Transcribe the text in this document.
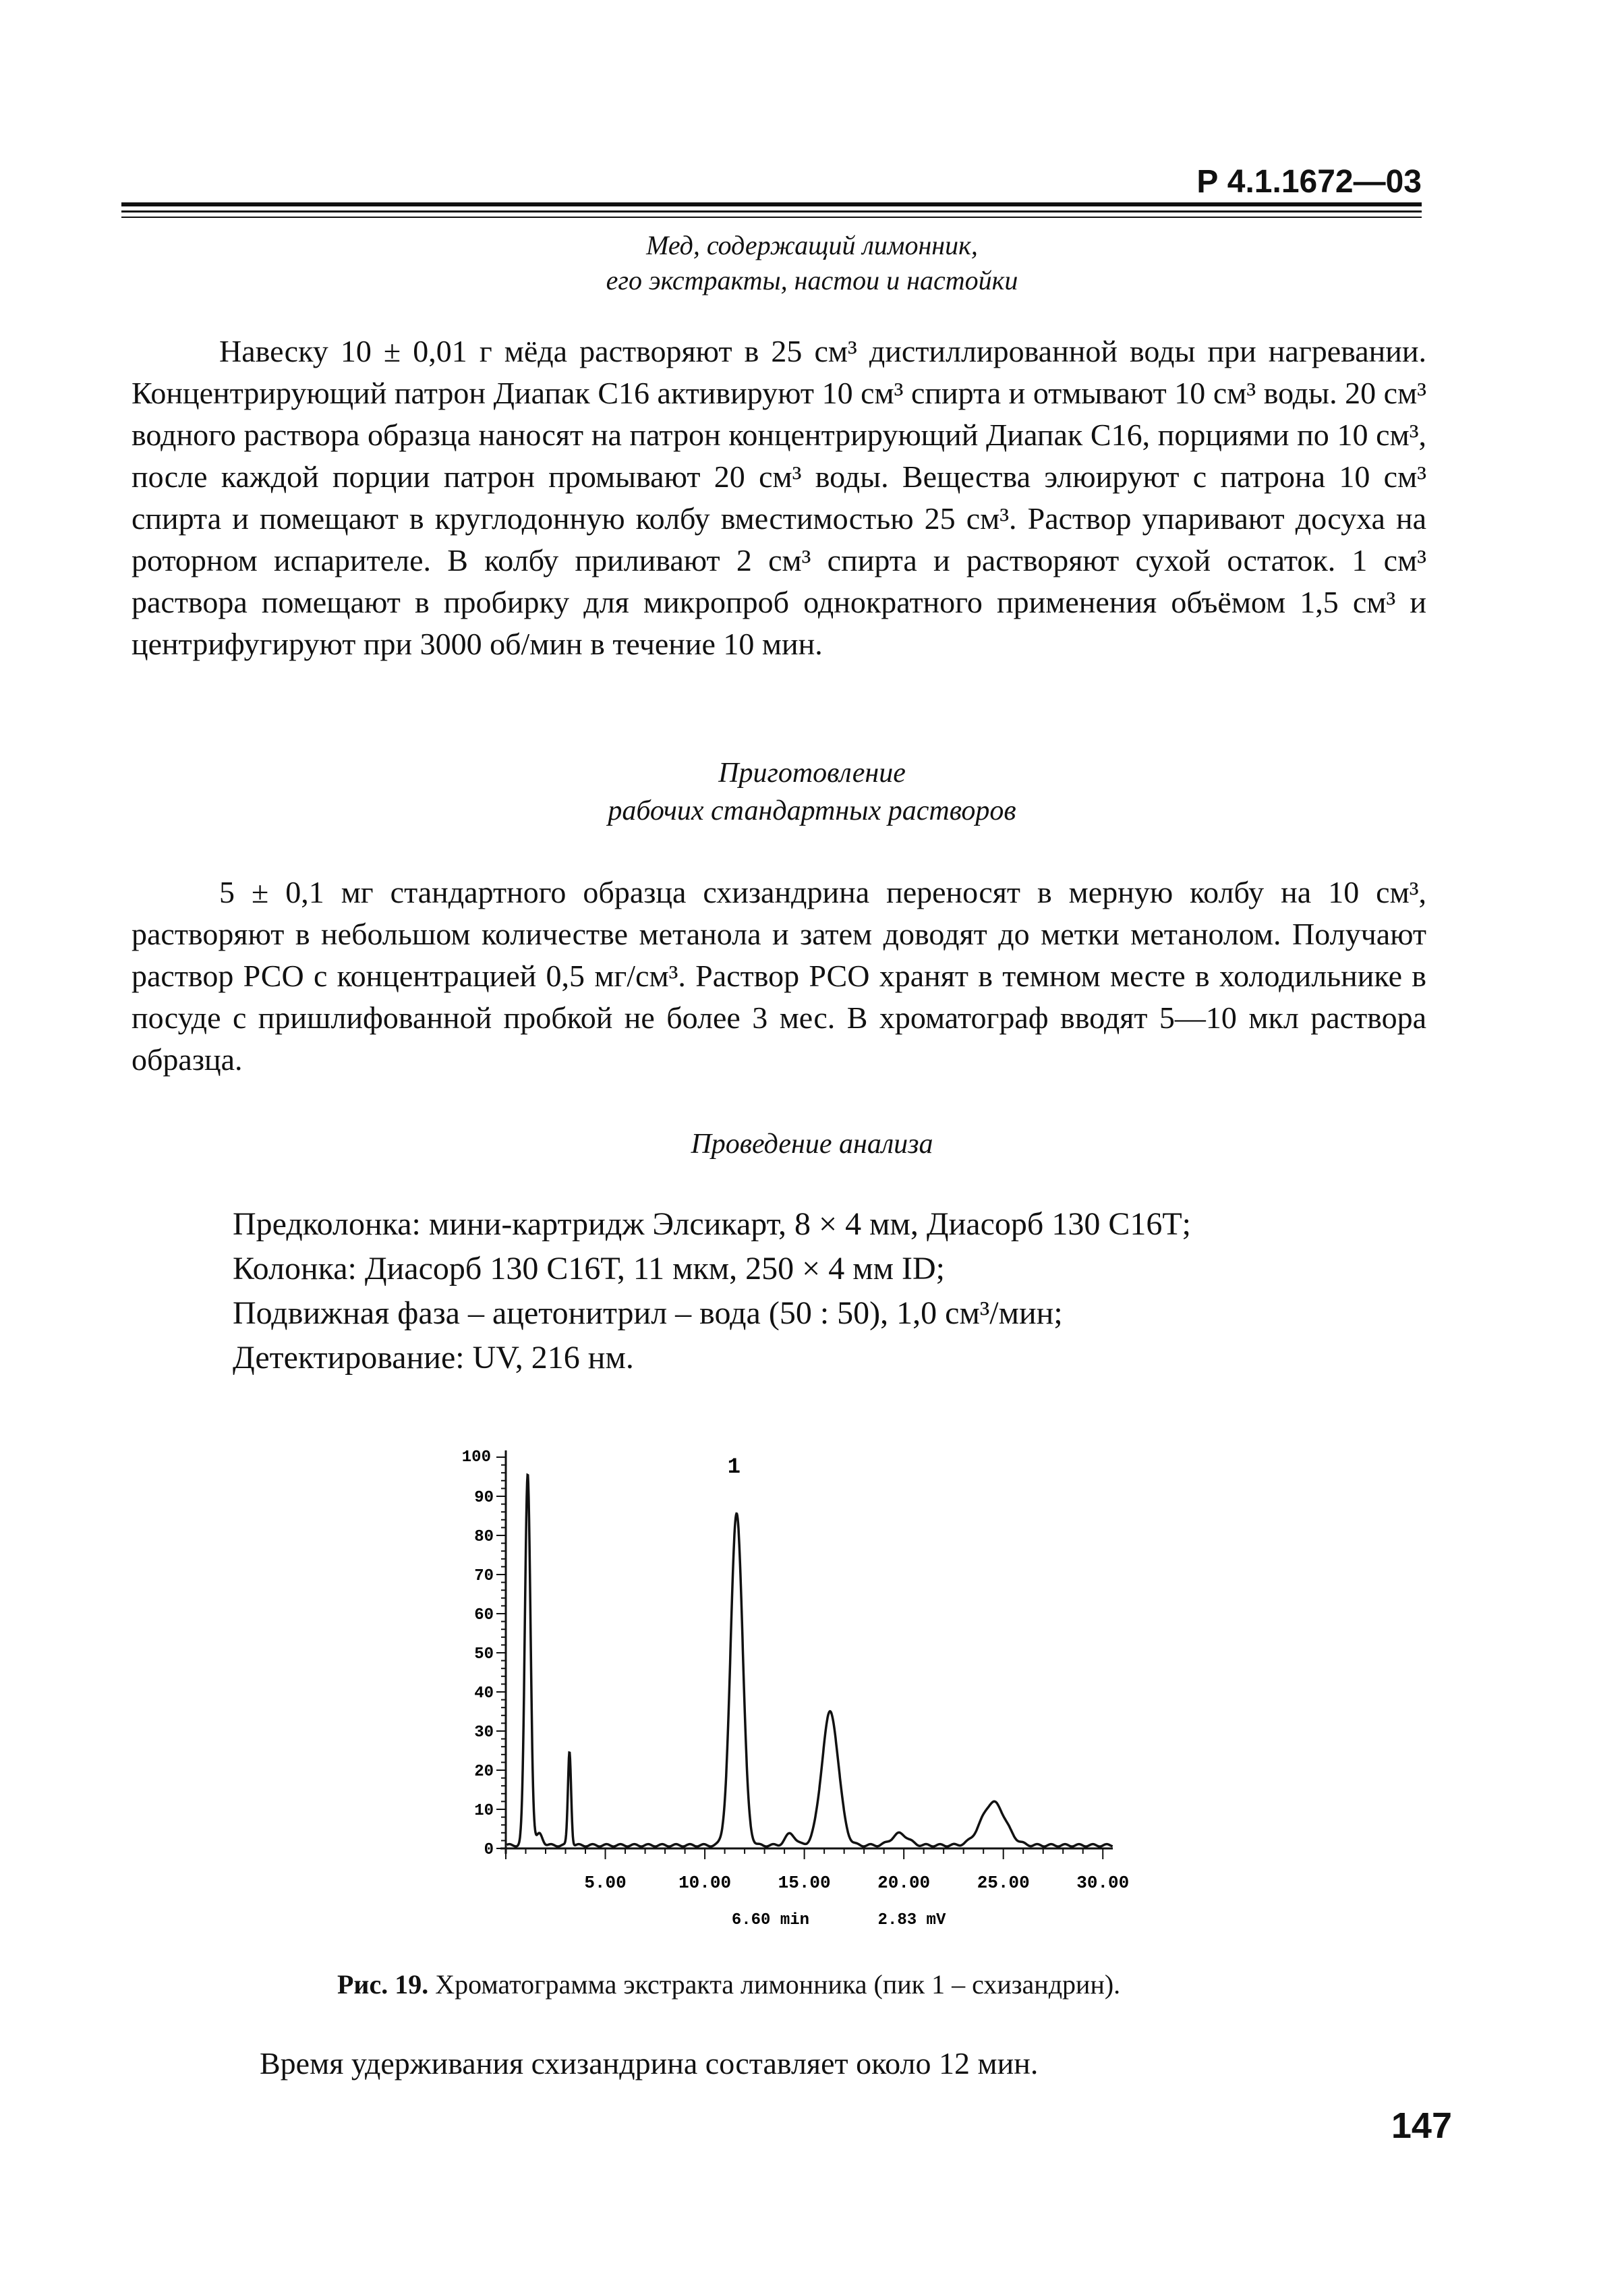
Р 4.1.1672—03
Мед, содержащий лимонник,
его экстракты, настои и настойки

Навеску 10 ± 0,01 г мёда растворяют в 25 см³ дистиллированной воды при нагревании. Концентрирующий патрон Диапак С16 активируют 10 см³ спирта и отмывают 10 см³ воды. 20 см³ водного раствора образца наносят на патрон концентрирующий Диапак С16, порциями по 10 см³, после каждой порции патрон промывают 20 см³ воды. Вещества элюируют с патрона 10 см³ спирта и помещают в круглодонную колбу вместимостью 25 см³. Раствор упаривают досуха на роторном испарителе. В колбу приливают 2 см³ спирта и растворяют сухой остаток. 1 см³ раствора помещают в пробирку для микропроб однократного применения объёмом 1,5 см³ и центрифугируют при 3000 об/мин в течение 10 мин.

Приготовление
рабочих стандартных растворов

5 ± 0,1 мг стандартного образца схизандрина переносят в мерную колбу на 10 см³, растворяют в небольшом количестве метанола и затем доводят до метки метанолом. Получают раствор РСО с концентрацией 0,5 мг/см³. Раствор РСО хранят в темном месте в холодильнике в посуде с пришлифованной пробкой не более 3 мес. В хроматограф вводят 5—10 мкл раствора образца.

Проведение анализа
Предколонка: мини-картридж Элсикарт, 8 × 4 мм, Диасорб 130 С16Т;
Колонка: Диасорб 130 С16Т, 11 мкм, 250 × 4 мм ID;
Подвижная фаза – ацетонитрил – вода (50 : 50), 1,0 см³/мин;
Детектирование: UV, 216 нм.
100
0
10
20
30
40
50
60
70
80
90
5.00	10.00	15.00	20.00	25.00	30.00
1
6.60 min	2.83 mV
Рис. 19. Хроматограмма экстракта лимонника (пик 1 – схизандрин).
Время удерживания схизандрина составляет около 12 мин.
147
